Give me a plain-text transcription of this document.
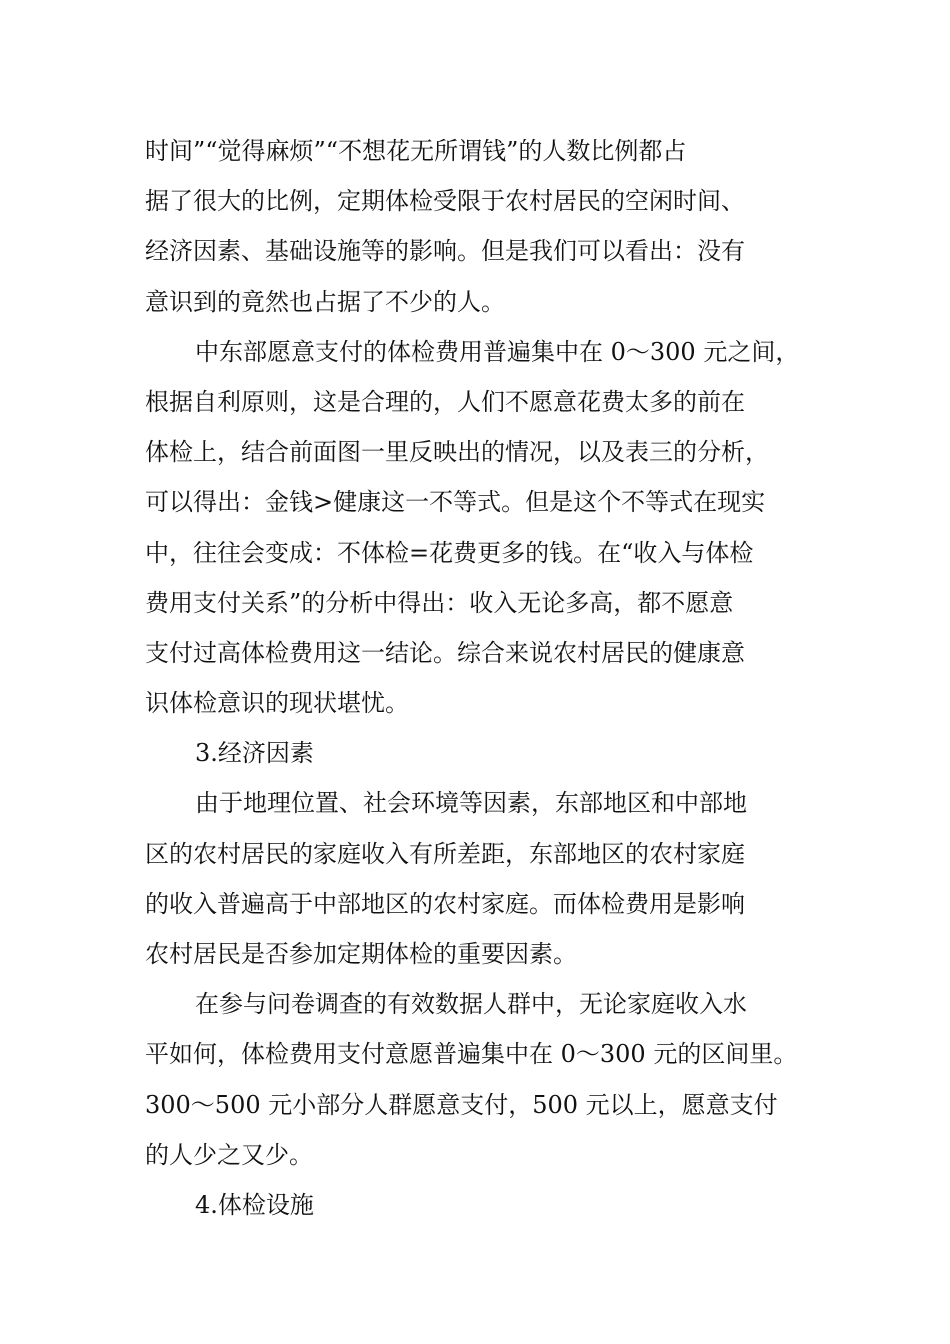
时间”“觉得麻烦”“不想花无所谓钱”的人数比例都占
据了很大的比例，定期体检受限于农村居民的空闲时间、
经济因素、基础设施等的影响。但是我们可以看出：没有
意识到的竟然也占据了不少的人。
中东部愿意支付的体检费用普遍集中在 0～300 元之间，
根据自利原则，这是合理的，人们不愿意花费太多的前在
体检上，结合前面图一里反映出的情况，以及表三的分析，
可以得出：金钱>健康这一不等式。但是这个不等式在现实
中，往往会变成：不体检=花费更多的钱。在“收入与体检
费用支付关系”的分析中得出：收入无论多高，都不愿意
支付过高体检费用这一结论。综合来说农村居民的健康意
识体检意识的现状堪忧。
3.经济因素
由于地理位置、社会环境等因素，东部地区和中部地
区的农村居民的家庭收入有所差距，东部地区的农村家庭
的收入普遍高于中部地区的农村家庭。而体检费用是影响
农村居民是否参加定期体检的重要因素。
在参与问卷调查的有效数据人群中，无论家庭收入水
平如何，体检费用支付意愿普遍集中在 0～300 元的区间里。
300～500 元小部分人群愿意支付，500 元以上，愿意支付
的人少之又少。
4.体检设施
